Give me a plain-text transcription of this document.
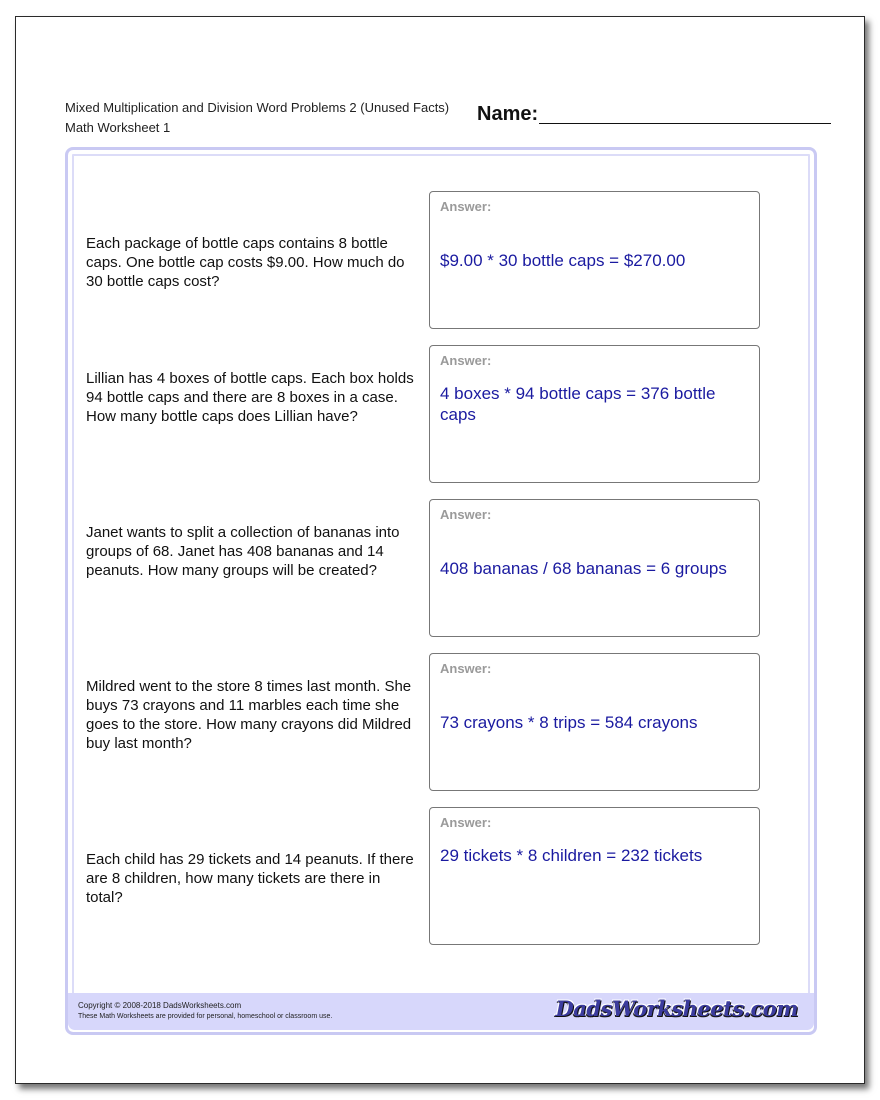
Mixed Multiplication and Division Word Problems 2 (Unused Facts)
Math Worksheet 1
Name:
Each package of bottle caps contains 8 bottle caps. One bottle cap costs $9.00. How much do 30 bottle caps cost?
Answer:
$9.00 * 30 bottle caps = $270.00
Lillian has 4 boxes of bottle caps. Each box holds 94 bottle caps and there are 8 boxes in a case. How many bottle caps does Lillian have?
Answer:
4 boxes * 94 bottle caps = 376 bottle caps
Janet wants to split a collection of bananas into groups of 68. Janet has 408 bananas and 14 peanuts. How many groups will be created?
Answer:
408 bananas / 68 bananas = 6 groups
Mildred went to the store 8 times last month. She buys 73 crayons and 11 marbles each time she goes to the store. How many crayons did Mildred buy last month?
Answer:
73 crayons * 8 trips = 584 crayons
Each child has 29 tickets and 14 peanuts. If there are 8 children, how many tickets are there in total?
Answer:
29 tickets * 8 children = 232 tickets
Copyright © 2008-2018 DadsWorksheets.com
These Math Worksheets are provided for personal, homeschool or classroom use.	DadsWorksheets.com
